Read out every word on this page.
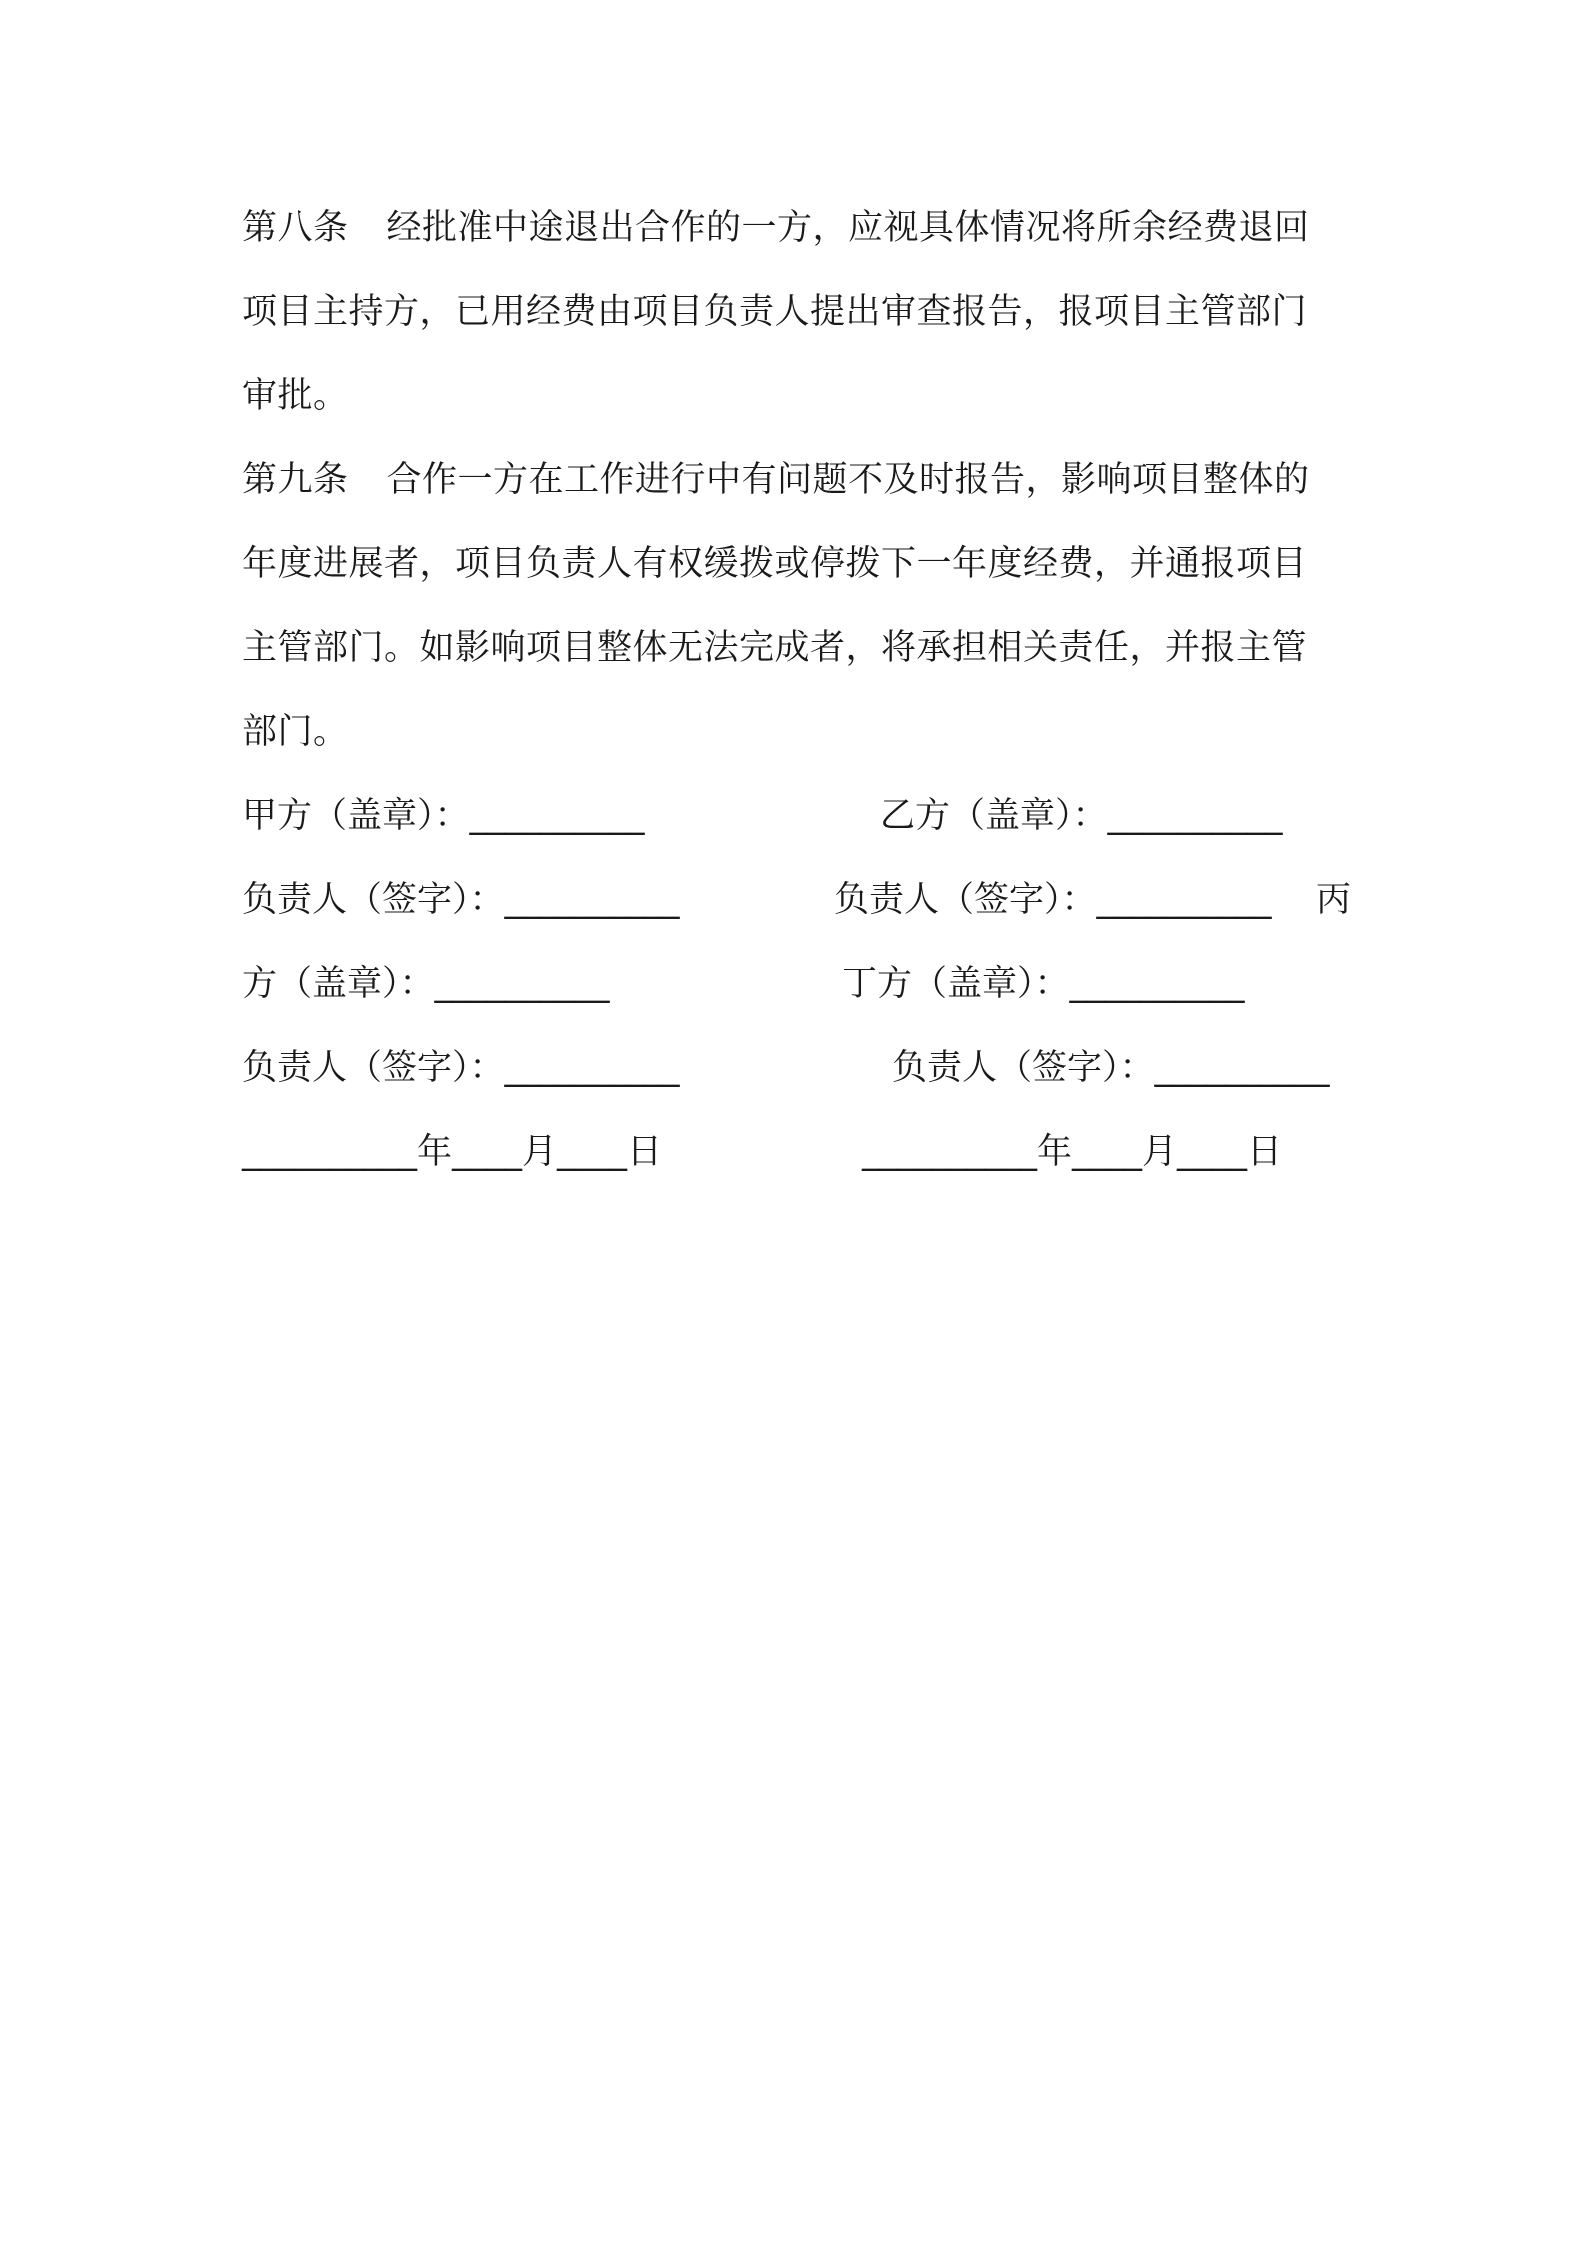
第八条 经批准中途退出合作的一方，应视具体情况将所余经费退回
项目主持方，已用经费由项目负责人提出审查报告，报项目主管部门
审批。
第九条 合作一方在工作进行中有问题不及时报告，影响项目整体的
年度进展者，项目负责人有权缓拨或停拨下一年度经费，并通报项目
主管部门。如影响项目整体无法完成者，将承担相关责任，并报主管
部门。
甲方（盖章）：__________	乙方（盖章）：__________
负责人（签字）：__________	负责人（签字）：__________ 丙
方（盖章）：__________	丁方（盖章）：__________
负责人（签字）：__________	负责人（签字）：__________
__________年____月____日	__________年____月____日
